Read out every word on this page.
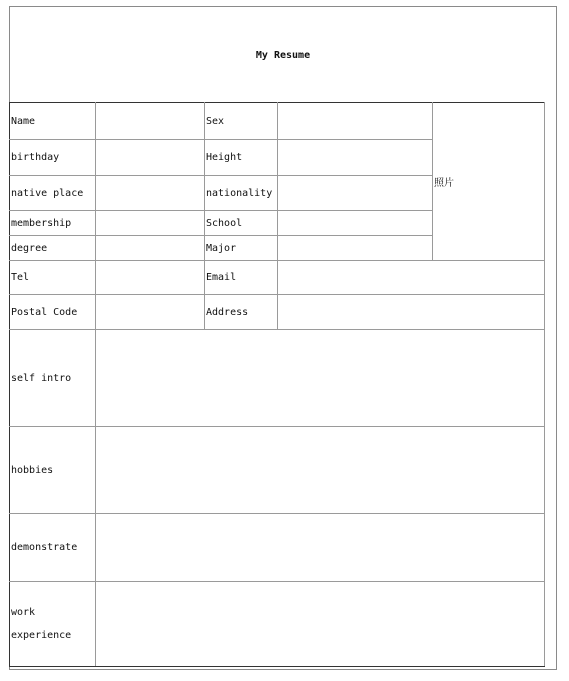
My Resume
Name		Sex		照片
birthday		Height		
native place		nationality		
membership		School		
degree		Major		
Tel		Email		
Postal Code		Address		
self intro				
hobbies				
demonstrate				
work experience				
